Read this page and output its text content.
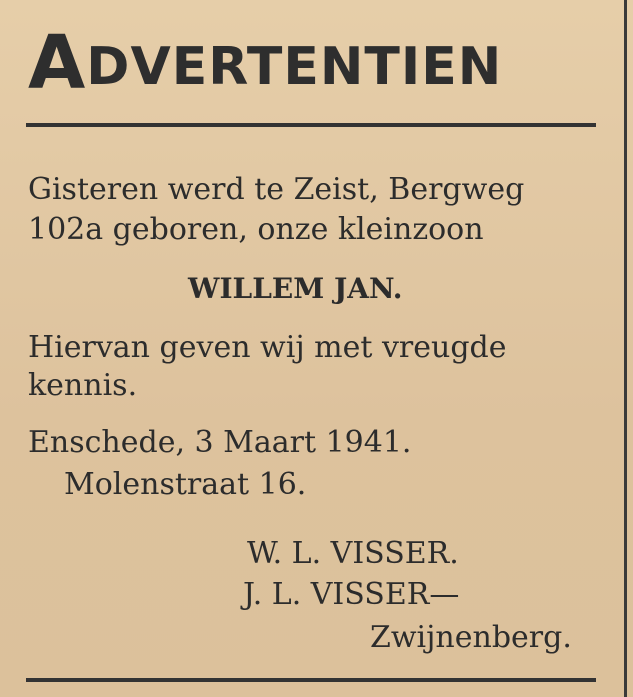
ADVERTENTIEN
Gisteren werd te Zeist, Bergweg
102a geboren, onze kleinzoon
WILLEM JAN.
Hiervan geven wij met vreugde
kennis.
Enschede, 3 Maart 1941.
Molenstraat 16.
W. L. VISSER.
J. L. VISSER—
Zwijnenberg.
